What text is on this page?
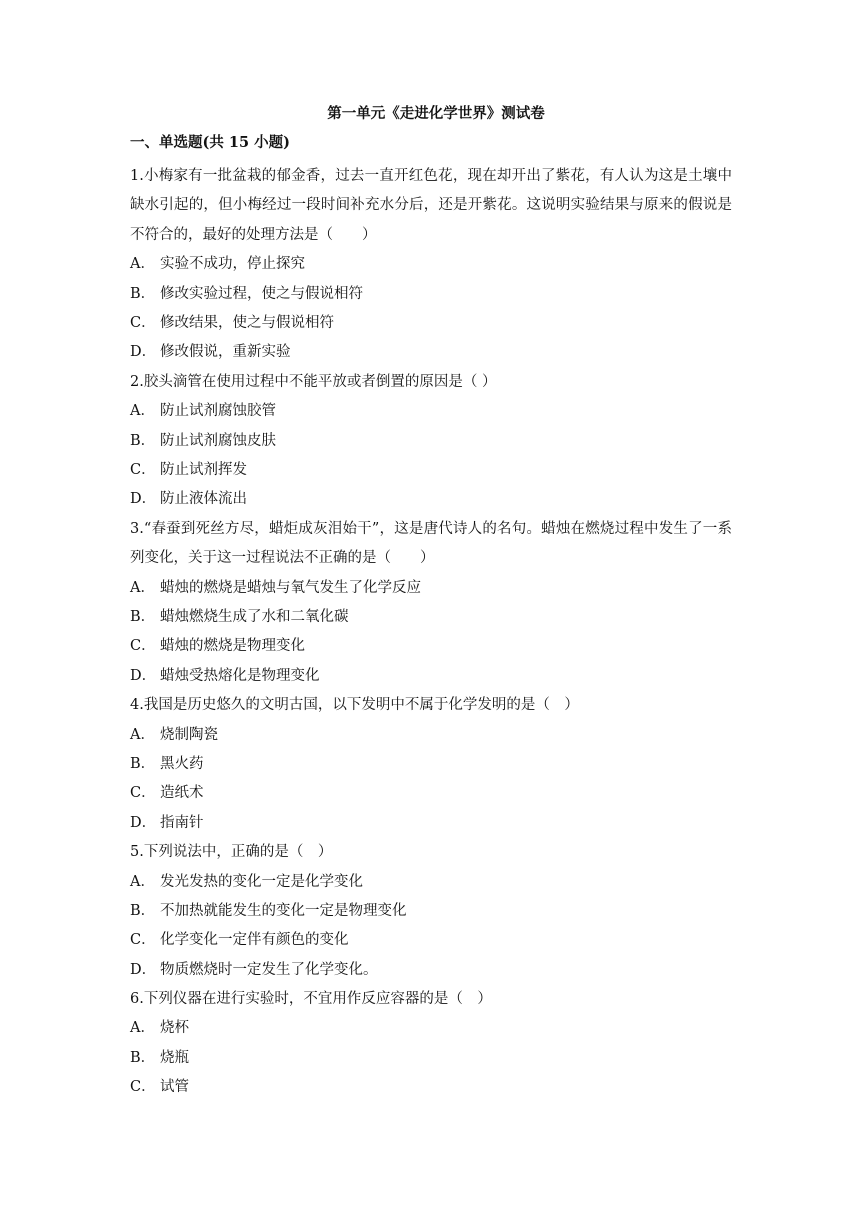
第一单元《走进化学世界》测试卷
一、单选题(共 15 小题)

1.小梅家有一批盆栽的郁金香，过去一直开红色花，现在却开出了紫花，有人认为这是土壤中缺水引起的，但小梅经过一段时间补充水分后，还是开紫花。这说明实验结果与原来的假说是不符合的，最好的处理方法是（　　）

A． 实验不成功，停止探究
B． 修改实验过程，使之与假说相符
C． 修改结果，使之与假说相符
D． 修改假说，重新实验

2.胶头滴管在使用过程中不能平放或者倒置的原因是（ ）

A． 防止试剂腐蚀胶管
B． 防止试剂腐蚀皮肤
C． 防止试剂挥发
D． 防止液体流出

3.“春蚕到死丝方尽，蜡炬成灰泪始干”，这是唐代诗人的名句。蜡烛在燃烧过程中发生了一系列变化，关于这一过程说法不正确的是（　　）

A． 蜡烛的燃烧是蜡烛与氧气发生了化学反应
B． 蜡烛燃烧生成了水和二氧化碳
C． 蜡烛的燃烧是物理变化
D． 蜡烛受热熔化是物理变化

4.我国是历史悠久的文明古国，以下发明中不属于化学发明的是（　）

A． 烧制陶瓷
B． 黑火药
C． 造纸术
D． 指南针

5.下列说法中，正确的是（　）

A． 发光发热的变化一定是化学变化
B． 不加热就能发生的变化一定是物理变化
C． 化学变化一定伴有颜色的变化
D． 物质燃烧时一定发生了化学变化。

6.下列仪器在进行实验时，不宜用作反应容器的是（　）

A． 烧杯
B． 烧瓶
C． 试管
